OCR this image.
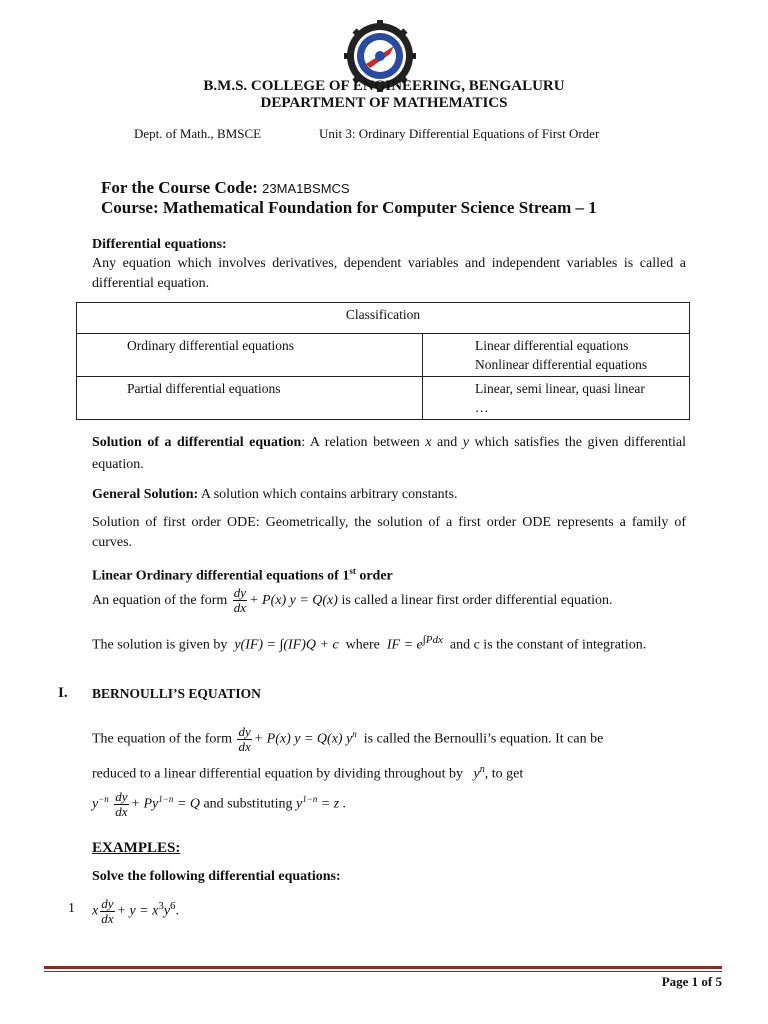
B.M.S. COLLEGE OF ENGINEERING, BENGALURU
DEPARTMENT OF MATHEMATICS
Dept. of Math., BMSCE	Unit 3: Ordinary Differential Equations of First Order
For the Course Code: 23MA1BSMCS
Course: Mathematical Foundation for Computer Science Stream – 1
Differential equations:
Any equation which involves derivatives, dependent variables and independent variables is called a differential equation.
Classification	
Ordinary differential equations	Linear differential equations
Nonlinear differential equations

Partial differential equations	Linear, semi linear, quasi linear
…
Solution of a differential equation: A relation between x and y which satisfies the given differential equation.
General Solution: A solution which contains arbitrary constants.
Solution of first order ODE: Geometrically, the solution of a first order ODE represents a family of curves.
Linear Ordinary differential equations of 1st order
An equation of the form $\frac{dy}{dx} + P(x) y = Q(x)$ is called a linear first order differential equation.
The solution is given by y(IF) = ∫(IF)Q + c where IF = $e^{\int Pdx}$ and c is the constant of integration.
I. BERNOULLI’S EQUATION
The equation of the form $\frac{dy}{dx} + P(x) y = Q(x)$ $y^n$ is called the Bernoulli’s equation. It can be
reduced to a linear differential equation by dividing throughout by $y^n$, to get
$y^{-n} \frac{dy}{dx} + Py^{1-n} = Q$ and substituting $y^{1-n} = z$ .
EXAMPLES:
Solve the following differential equations:
1 x $\frac{dy}{dx} + y = x^3y^6$.
Page 1 of 5
